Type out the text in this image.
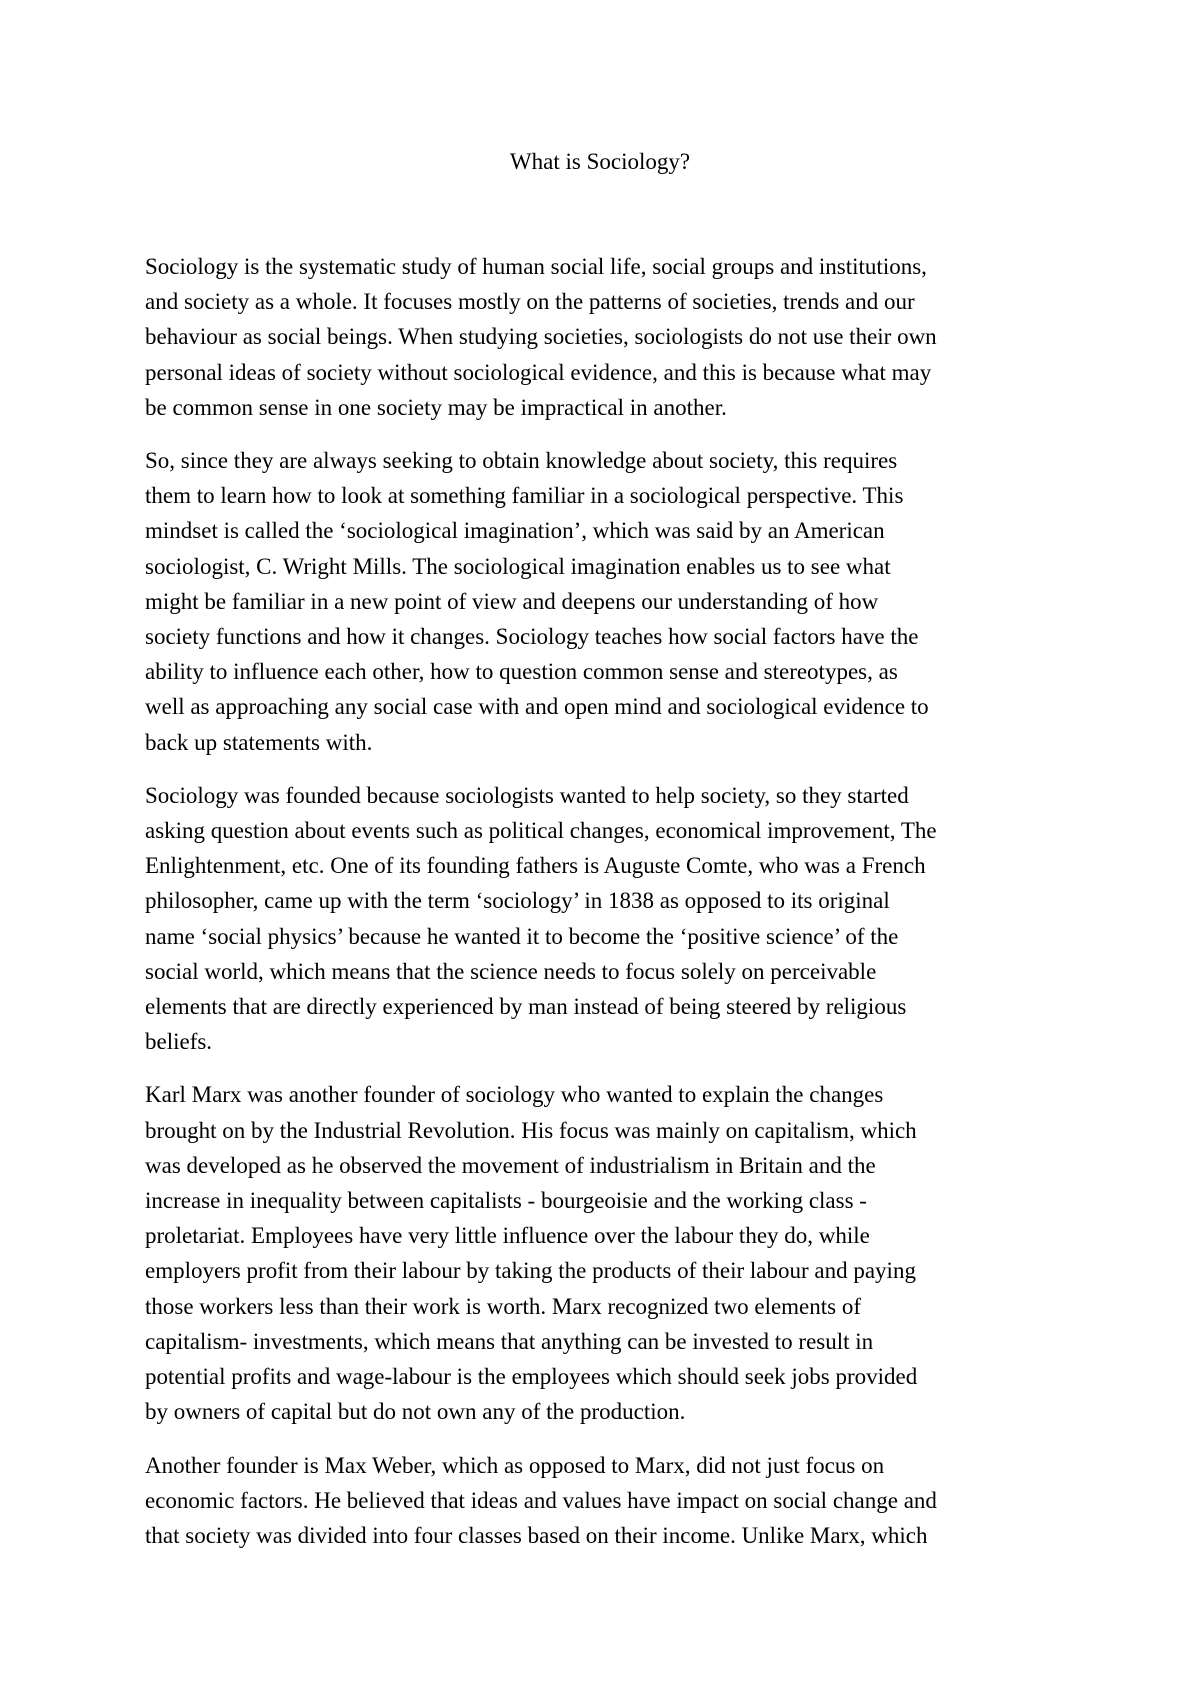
What is Sociology?

Sociology is the systematic study of human social life, social groups and institutions,
and society as a whole. It focuses mostly on the patterns of societies, trends and our
behaviour as social beings. When studying societies, sociologists do not use their own
personal ideas of society without sociological evidence, and this is because what may
be common sense in one society may be impractical in another.

So, since they are always seeking to obtain knowledge about society, this requires
them to learn how to look at something familiar in a sociological perspective. This
mindset is called the ‘sociological imagination’, which was said by an American
sociologist, C. Wright Mills. The sociological imagination enables us to see what
might be familiar in a new point of view and deepens our understanding of how
society functions and how it changes. Sociology teaches how social factors have the
ability to influence each other, how to question common sense and stereotypes, as
well as approaching any social case with and open mind and sociological evidence to
back up statements with.

Sociology was founded because sociologists wanted to help society, so they started
asking question about events such as political changes, economical improvement, The
Enlightenment, etc. One of its founding fathers is Auguste Comte, who was a French
philosopher, came up with the term ‘sociology’ in 1838 as opposed to its original
name ‘social physics’ because he wanted it to become the ‘positive science’ of the
social world, which means that the science needs to focus solely on perceivable
elements that are directly experienced by man instead of being steered by religious
beliefs.

Karl Marx was another founder of sociology who wanted to explain the changes
brought on by the Industrial Revolution. His focus was mainly on capitalism, which
was developed as he observed the movement of industrialism in Britain and the
increase in inequality between capitalists - bourgeoisie and the working class -
proletariat. Employees have very little influence over the labour they do, while
employers profit from their labour by taking the products of their labour and paying
those workers less than their work is worth. Marx recognized two elements of
capitalism- investments, which means that anything can be invested to result in
potential profits and wage-labour is the employees which should seek jobs provided
by owners of capital but do not own any of the production.

Another founder is Max Weber, which as opposed to Marx, did not just focus on
economic factors. He believed that ideas and values have impact on social change and
that society was divided into four classes based on their income. Unlike Marx, which
